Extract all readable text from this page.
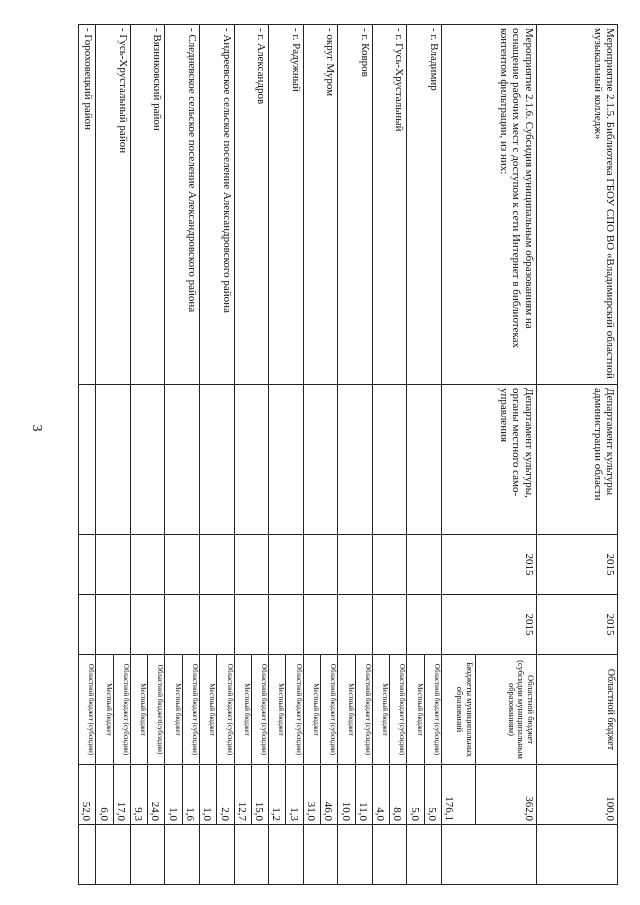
3
Мероприятие 2.1.5. Библиотека ГБОУ СПО ВО «Владимирский областной музыкальный колледж»	Департамент культуры администрации области	2015	2015	Областной бюджет	100,0	
Мероприятие 2.1.6. Субсидия муниципальным образованиям на оснащение рабочих мест с доступом к сети Интернет в библиотеках контентом фильтрации, из них:	Департамент культуры, органы местного само-управления	2015	2015	Областной бюджет (субсидии муниципальным образованиям)	362,0	
				Бюджеты муниципальных образований	176,1	
- г. Владимир				Областной бюджет (субсидии)	5,0	
				Местный бюджет	5,0	
- г. Гусь-Хрустальный				Областной бюджет (субсидии)	8,0	
				Местный бюджет	4,0	
- г. Ковров				Областной бюджет (субсидии)	11,0	
				Местный бюджет	10,0	
- округ Муром				Областной бюджет (субсидии)	46,0	
				Местный бюджет	31,0	
- г. Радужный				Областной бюджет (субсидии)	1,3	
				Местный бюджет	1,2	
- г. Александров				Областной бюджет (субсидии)	15,0	
				Местный бюджет	12,7	
- Андреевское сельское поселение Александровского района				Областной бюджет (субсидии)	2,0	
				Местный бюджет	1,0	
- Следневское сельское поселение Александровского района				Областной бюджет (субсидии)	1,6	
				Местный бюджет	1,0	
- Вязниковский район				Областной бюджет(субсидии)	24,0	
				Местный бюджет	9,3	
- Гусь-Хрустальный район				Областной бюджет (субсидии)	17,0	
				Местный бюджет	6,0	
- Гороховецкий район				Областной бюджет (субсидии)	52,0	
